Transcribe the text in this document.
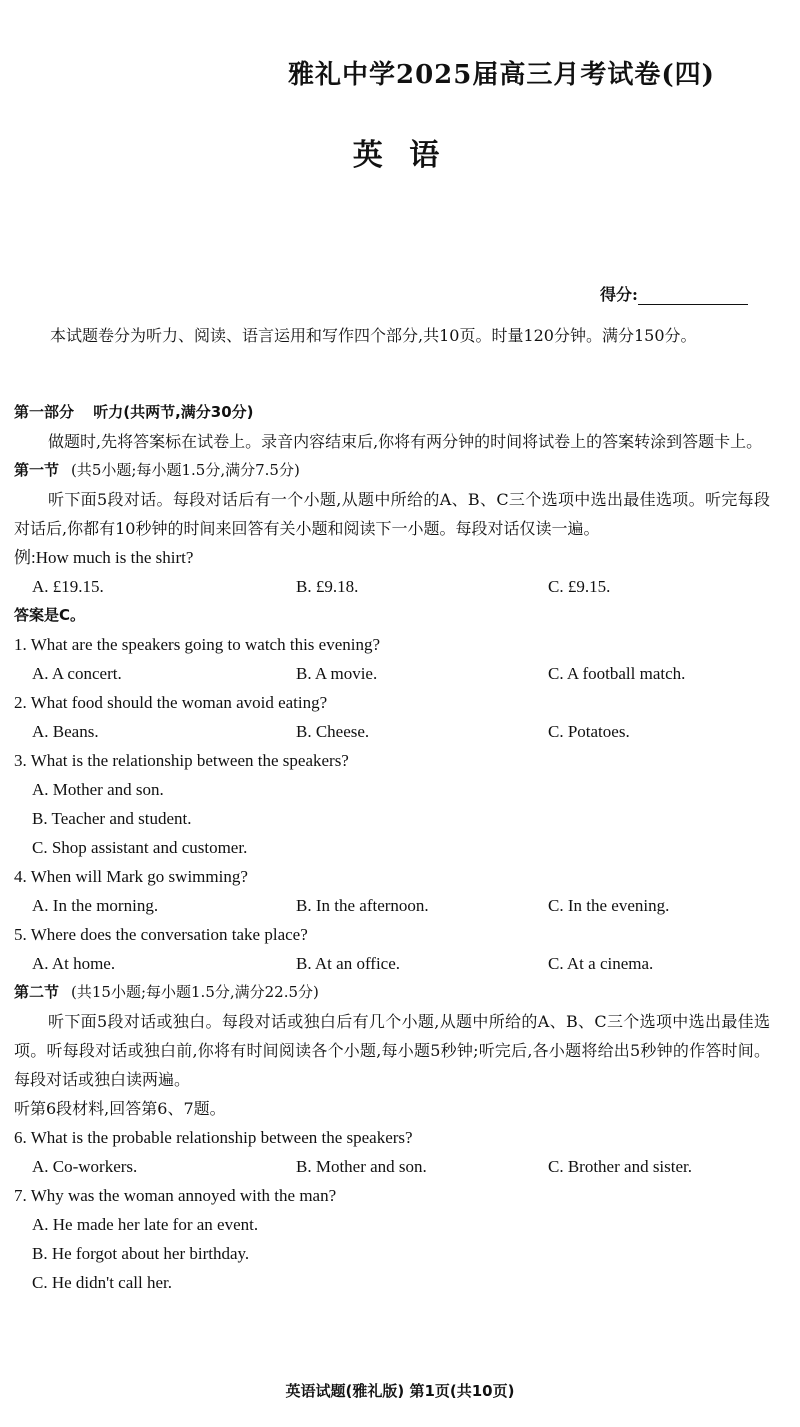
雅礼中学2025届高三月考试卷(四)
英 语
得分:
本试题卷分为听力、阅读、语言运用和写作四个部分,共10页。时量120分钟。满分150分。
第一部分 听力(共两节,满分30分)
做题时,先将答案标在试卷上。录音内容结束后,你将有两分钟的时间将试卷上的答案转涂到答题卡上。
第一节 (共5小题;每小题1.5分,满分7.5分)
听下面5段对话。每段对话后有一个小题,从题中所给的A、B、C三个选项中选出最佳选项。听完每段对话后,你都有10秒钟的时间来回答有关小题和阅读下一小题。每段对话仅读一遍。
例:How much is the shirt?
A. £19.15.	B. £9.18.	C. £9.15.
答案是C。
1. What are the speakers going to watch this evening?
A. A concert.	B. A movie.	C. A football match.
2. What food should the woman avoid eating?
A. Beans.	B. Cheese.	C. Potatoes.
3. What is the relationship between the speakers?
A. Mother and son.
B. Teacher and student.
C. Shop assistant and customer.
4. When will Mark go swimming?
A. In the morning.	B. In the afternoon.	C. In the evening.
5. Where does the conversation take place?
A. At home.	B. At an office.	C. At a cinema.
第二节 (共15小题;每小题1.5分,满分22.5分)
听下面5段对话或独白。每段对话或独白后有几个小题,从题中所给的A、B、C三个选项中选出最佳选项。听每段对话或独白前,你将有时间阅读各个小题,每小题5秒钟;听完后,各小题将给出5秒钟的作答时间。每段对话或独白读两遍。
听第6段材料,回答第6、7题。
6. What is the probable relationship between the speakers?
A. Co-workers.	B. Mother and son.	C. Brother and sister.
7. Why was the woman annoyed with the man?
A. He made her late for an event.
B. He forgot about her birthday.
C. He didn't call her.
英语试题(雅礼版) 第1页(共10页)
